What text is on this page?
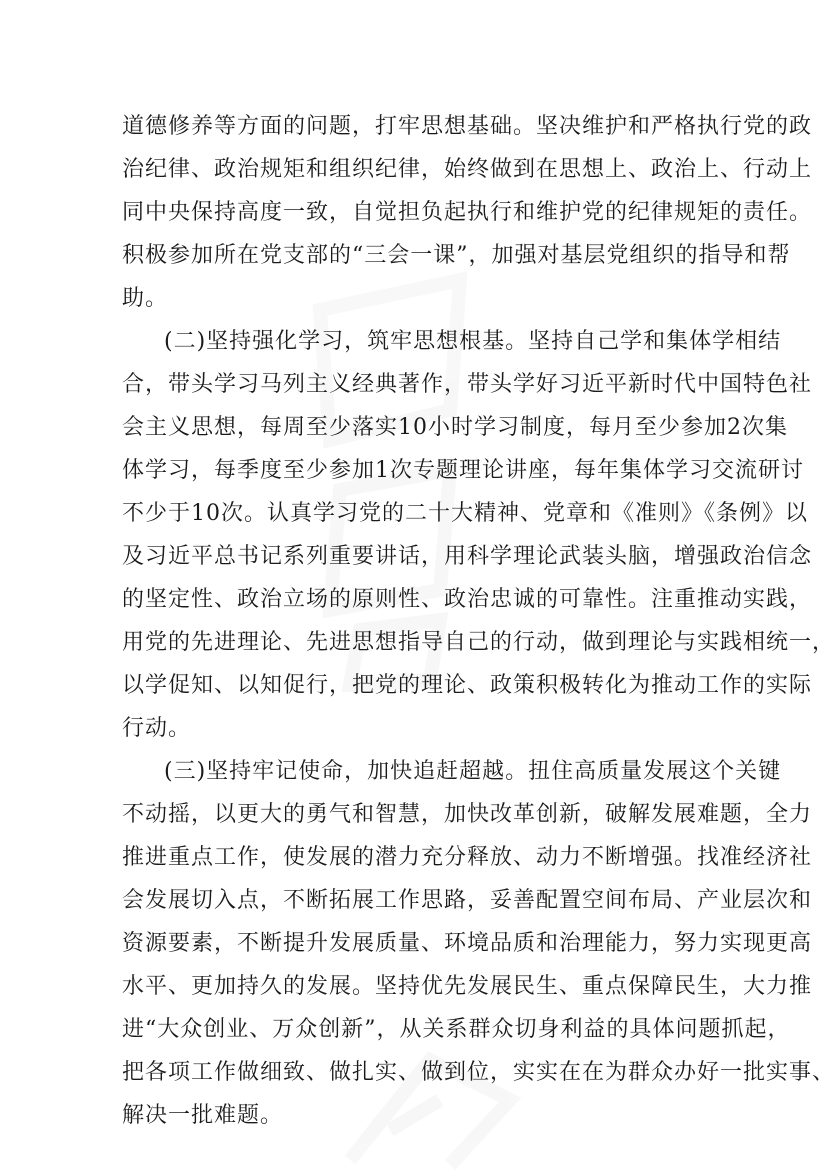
道德修养等方面的问题，打牢思想基础。坚决维护和严格执行党的政
治纪律、政治规矩和组织纪律，始终做到在思想上、政治上、行动上
同中央保持高度一致，自觉担负起执行和维护党的纪律规矩的责任。
积极参加所在党支部的“三会一课”，加强对基层党组织的指导和帮
助。
(二)坚持强化学习，筑牢思想根基。坚持自己学和集体学相结
合，带头学习马列主义经典著作，带头学好习近平新时代中国特色社
会主义思想，每周至少落实10小时学习制度，每月至少参加2次集
体学习，每季度至少参加1次专题理论讲座，每年集体学习交流研讨
不少于10次。认真学习党的二十大精神、党章和《准则》《条例》以
及习近平总书记系列重要讲话，用科学理论武装头脑，增强政治信念
的坚定性、政治立场的原则性、政治忠诚的可靠性。注重推动实践，
用党的先进理论、先进思想指导自己的行动，做到理论与实践相统一，
以学促知、以知促行，把党的理论、政策积极转化为推动工作的实际
行动。
(三)坚持牢记使命，加快追赶超越。扭住高质量发展这个关键
不动摇，以更大的勇气和智慧，加快改革创新，破解发展难题，全力
推进重点工作，使发展的潜力充分释放、动力不断增强。找准经济社
会发展切入点，不断拓展工作思路，妥善配置空间布局、产业层次和
资源要素，不断提升发展质量、环境品质和治理能力，努力实现更高
水平、更加持久的发展。坚持优先发展民生、重点保障民生，大力推
进“大众创业、万众创新”，从关系群众切身利益的具体问题抓起，
把各项工作做细致、做扎实、做到位，实实在在为群众办好一批实事、
解决一批难题。
